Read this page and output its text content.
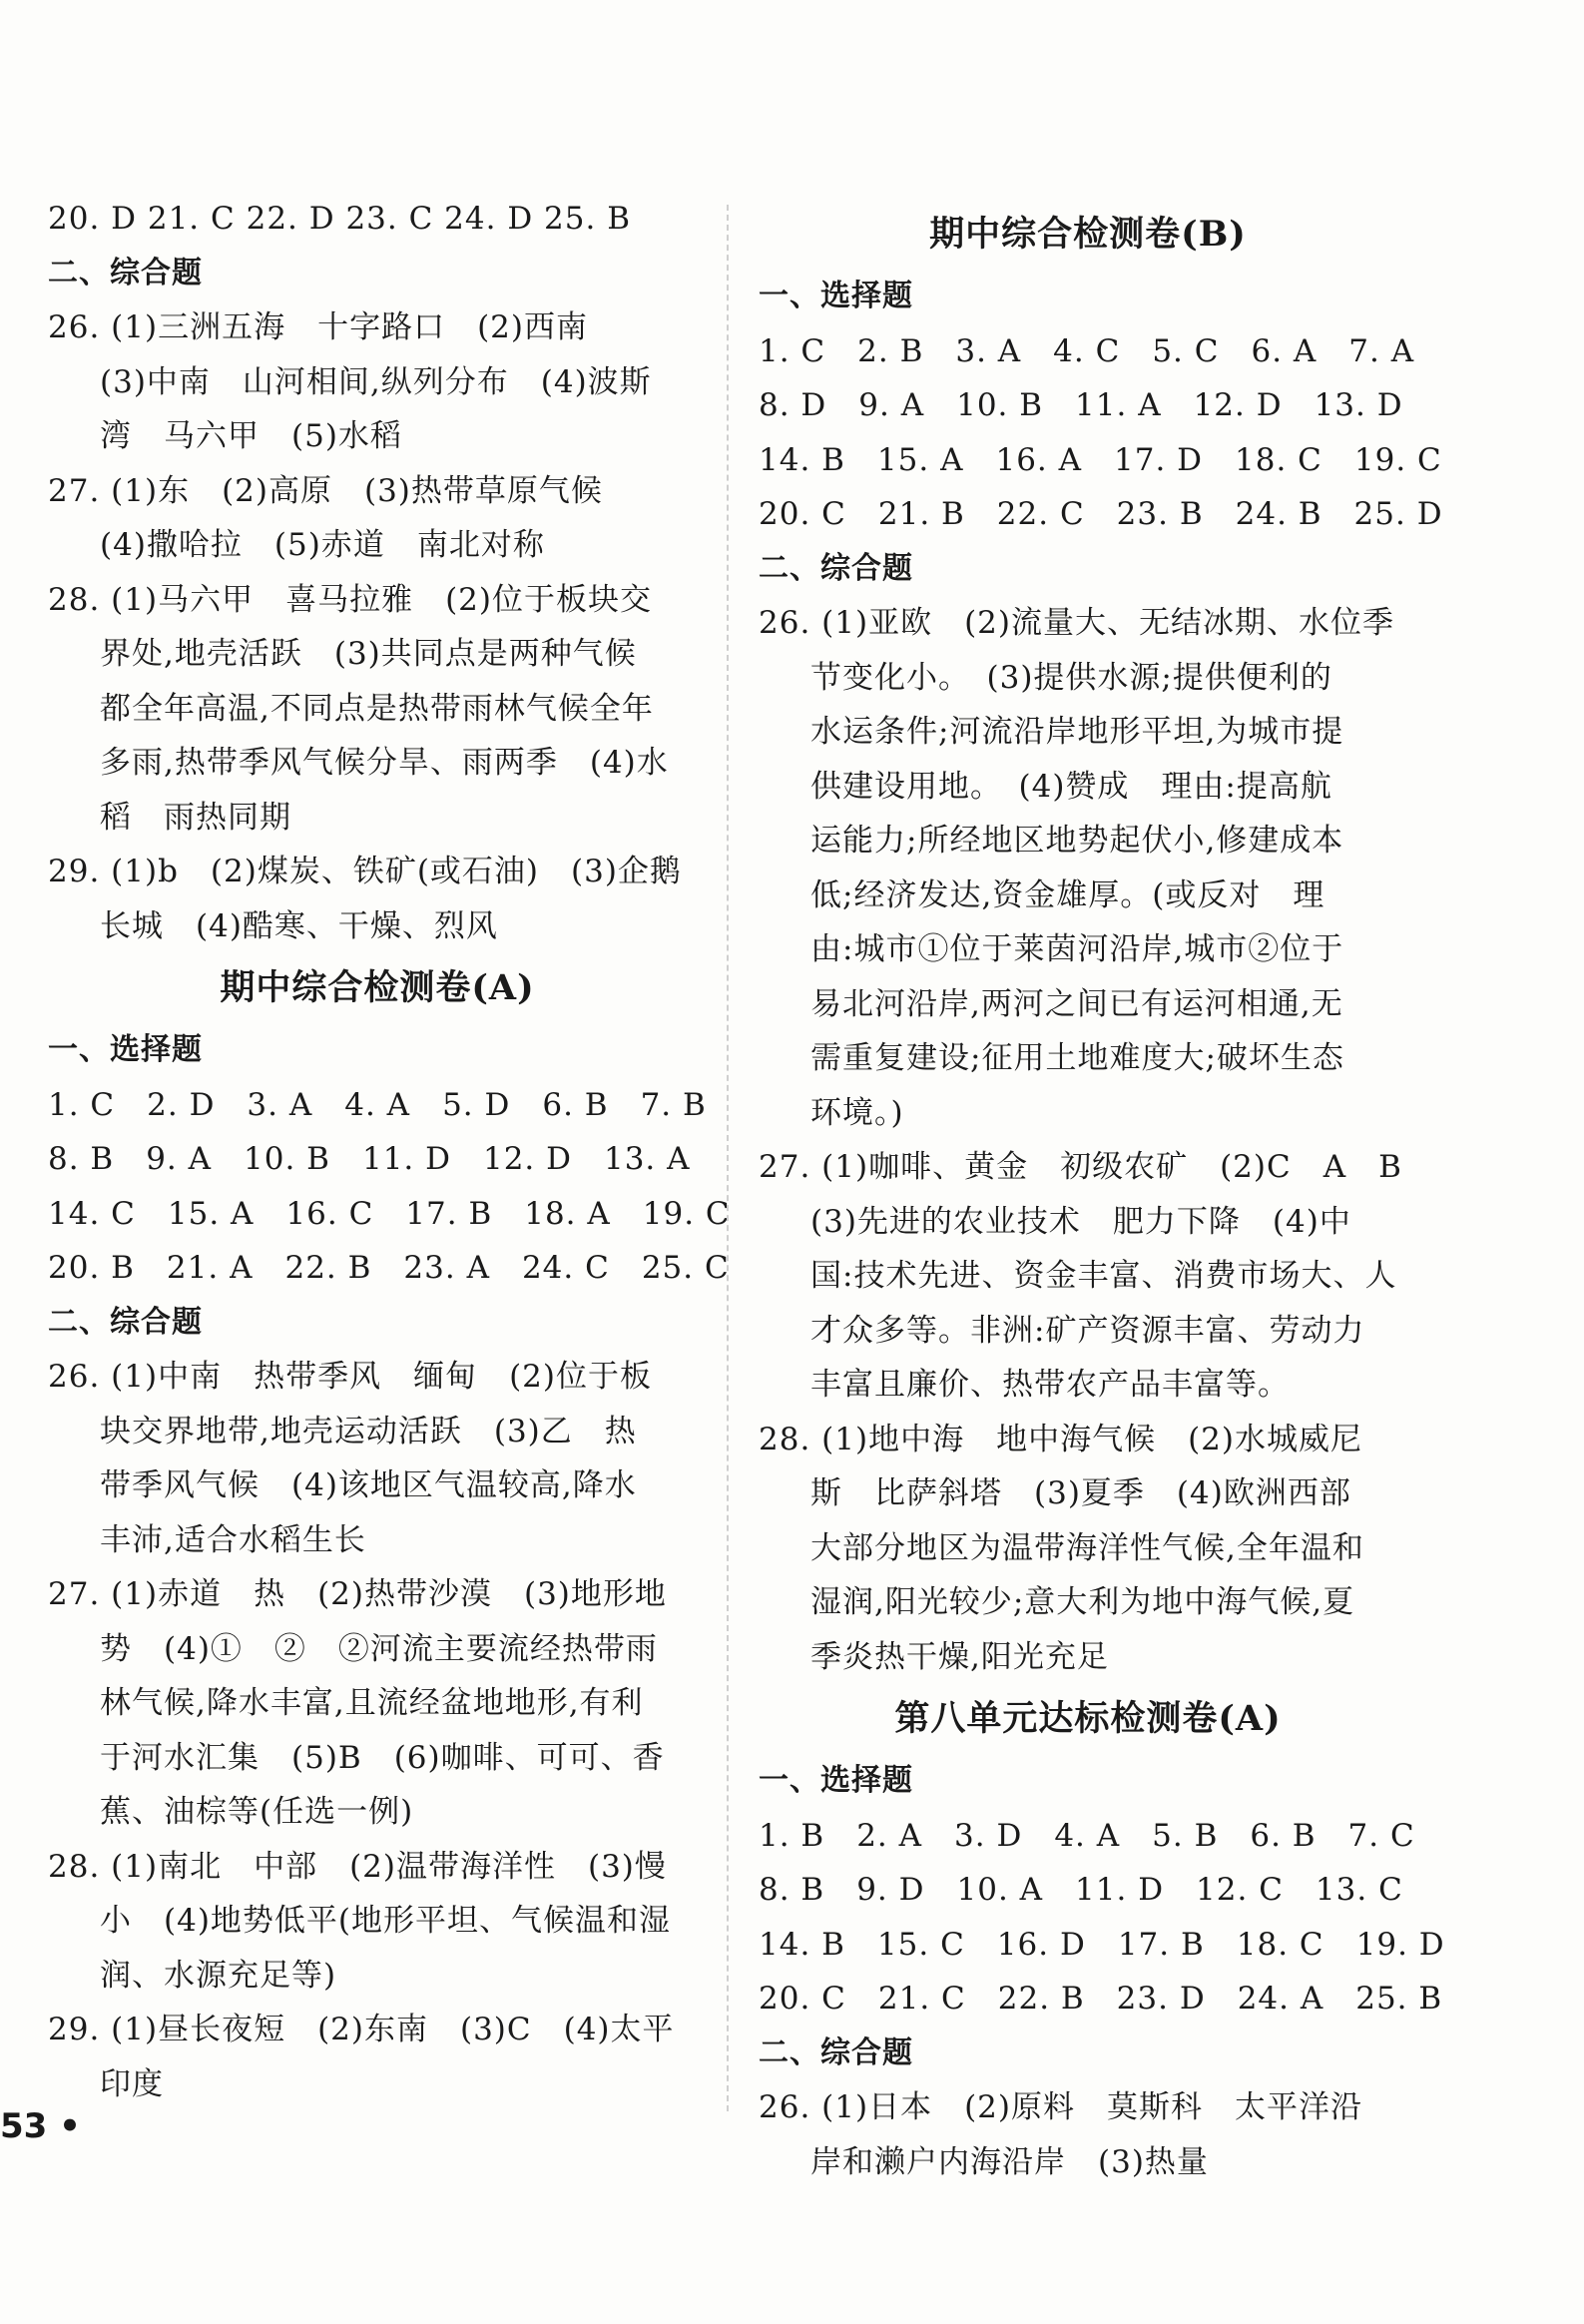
20. D 21. C 22. D 23. C 24. D 25. B
二、综合题
26. (1)三洲五海　十字路口　(2)西南
(3)中南　山河相间,纵列分布　(4)波斯
湾　马六甲　(5)水稻
27. (1)东　(2)高原　(3)热带草原气候
(4)撒哈拉　(5)赤道　南北对称
28. (1)马六甲　喜马拉雅　(2)位于板块交
界处,地壳活跃　(3)共同点是两种气候
都全年高温,不同点是热带雨林气候全年
多雨,热带季风气候分旱、雨两季　(4)水
稻　雨热同期
29. (1)b　(2)煤炭、铁矿(或石油)　(3)企鹅
长城　(4)酷寒、干燥、烈风
期中综合检测卷(A)
一、选择题
1. C　2. D　3. A　4. A　5. D　6. B　7. B
8. B　9. A　10. B　11. D　12. D　13. A
14. C　15. A　16. C　17. B　18. A　19. C
20. B　21. A　22. B　23. A　24. C　25. C
二、综合题
26. (1)中南　热带季风　缅甸　(2)位于板
块交界地带,地壳运动活跃　(3)乙　热
带季风气候　(4)该地区气温较高,降水
丰沛,适合水稻生长
27. (1)赤道　热　(2)热带沙漠　(3)地形地
势　(4)①　②　②河流主要流经热带雨
林气候,降水丰富,且流经盆地地形,有利
于河水汇集　(5)B　(6)咖啡、可可、香
蕉、油棕等(任选一例)
28. (1)南北　中部　(2)温带海洋性　(3)慢
小　(4)地势低平(地形平坦、气候温和湿
润、水源充足等)
29. (1)昼长夜短　(2)东南　(3)C　(4)太平
印度
期中综合检测卷(B)
一、选择题
1. C　2. B　3. A　4. C　5. C　6. A　7. A
8. D　9. A　10. B　11. A　12. D　13. D
14. B　15. A　16. A　17. D　18. C　19. C
20. C　21. B　22. C　23. B　24. B　25. D
二、综合题
26. (1)亚欧　(2)流量大、无结冰期、水位季
节变化小。　(3)提供水源;提供便利的
水运条件;河流沿岸地形平坦,为城市提
供建设用地。　(4)赞成　理由:提高航
运能力;所经地区地势起伏小,修建成本
低;经济发达,资金雄厚。(或反对　理
由:城市①位于莱茵河沿岸,城市②位于
易北河沿岸,两河之间已有运河相通,无
需重复建设;征用土地难度大;破坏生态
环境。)
27. (1)咖啡、黄金　初级农矿　(2)C　A　B
(3)先进的农业技术　肥力下降　(4)中
国:技术先进、资金丰富、消费市场大、人
才众多等。非洲:矿产资源丰富、劳动力
丰富且廉价、热带农产品丰富等。
28. (1)地中海　地中海气候　(2)水城威尼
斯　比萨斜塔　(3)夏季　(4)欧洲西部
大部分地区为温带海洋性气候,全年温和
湿润,阳光较少;意大利为地中海气候,夏
季炎热干燥,阳光充足
第八单元达标检测卷(A)
一、选择题
1. B　2. A　3. D　4. A　5. B　6. B　7. C
8. B　9. D　10. A　11. D　12. C　13. C
14. B　15. C　16. D　17. B　18. C　19. D
20. C　21. C　22. B　23. D　24. A　25. B
二、综合题
26. (1)日本　(2)原料　莫斯科　太平洋沿
岸和濑户内海沿岸　(3)热量
53 •
